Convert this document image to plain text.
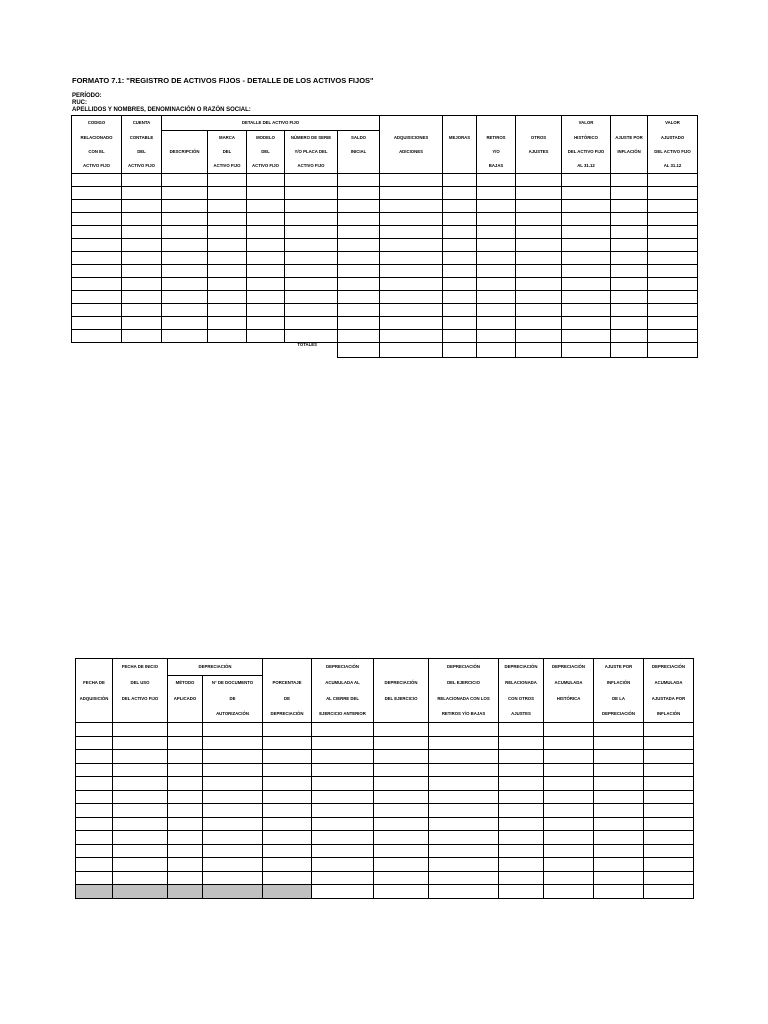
FORMATO 7.1: "REGISTRO DE ACTIVOS FIJOS - DETALLE DE LOS ACTIVOS FIJOS"
PERÍODO:
RUC:
APELLIDOS Y NOMBRES, DENOMINACIÓN O RAZÓN SOCIAL:
CODIGO	CUENTA	DETALLE DEL ACTIVO FIJO									VALOR		VALOR
RELACIONADO	CONTABLE		MARCA	MODELO	NÚMERO DE SERIE	SALDO	ADQUISICIONES	MEJORAS	RETIROS	OTROS	HISTÓRICO	AJUSTE POR	AJUSTADO
CON EL	DEL	DESCRIPCIÓN	DEL	DEL	Y/O PLACA DEL	INICIAL	ADICIONES		Y/O	AJUSTES	DEL ACTIVO FIJO	INFLACIÓN	DEL ACTIVO FIJO
ACTIVO FIJO	ACTIVO FIJO		ACTIVO FIJO	ACTIVO FIJO	ACTIVO FIJO				BAJAS		AL 31.12		AL 31.12

TOTALES													
	FECHA DE INICIO	DEPRECIACIÓN			DEPRECIACIÓN		DEPRECIACIÓN	DEPRECIACIÓN	DEPRECIACIÓN	AJUSTE POR	DEPRECIACIÓN
FECHA DE	DEL USO	MÉTODO	N° DE DOCUMENTO	PORCENTAJE	ACUMULADA AL	DEPRECIACIÓN	DEL EJERCICIO	RELACIONADA	ACUMULADA	INFLACIÓN	ACUMULADA
ADQUISICIÓN	DEL ACTIVO FIJO	APLICADO	DE	DE	AL CIERRE DEL	DEL EJERCICIO	RELACIONADA CON LOS	CON OTROS	HISTÓRICA	DE LA	AJUSTADA POR
			AUTORIZACIÓN	DEPRECIACIÓN	EJERCICIO ANTERIOR		RETIROS Y/O BAJAS	AJUSTES		DEPRECIACIÓN	INFLACIÓN
